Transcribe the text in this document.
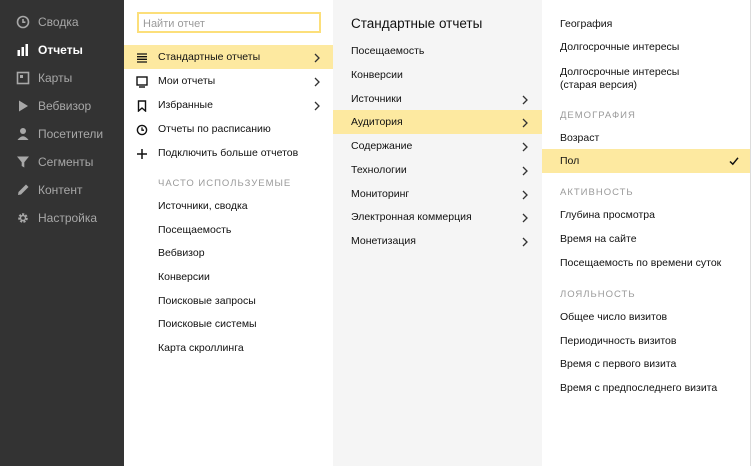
Сводка
Отчеты
Карты
Вебвизор
Посетители
Сегменты
Контент
Настройка
Найти отчет
Стандартные отчеты
Мои отчеты
Избранные
Отчеты по расписанию
Подключить больше отчетов
ЧАСТО ИСПОЛЬЗУЕМЫЕ
Источники, сводка
Посещаемость
Вебвизор
Конверсии
Поисковые запросы
Поисковые системы
Карта скроллинга
Стандартные отчеты
Посещаемость
Конверсии
Источники
Аудитория
Содержание
Технологии
Мониторинг
Электронная коммерция
Монетизация
География
Долгосрочные интересы
Долгосрочные интересы (старая версия)
ДЕМОГРАФИЯ
Возраст
Пол
АКТИВНОСТЬ
Глубина просмотра
Время на сайте
Посещаемость по времени суток
ЛОЯЛЬНОСТЬ
Общее число визитов
Периодичность визитов
Время с первого визита
Время с предпоследнего визита
